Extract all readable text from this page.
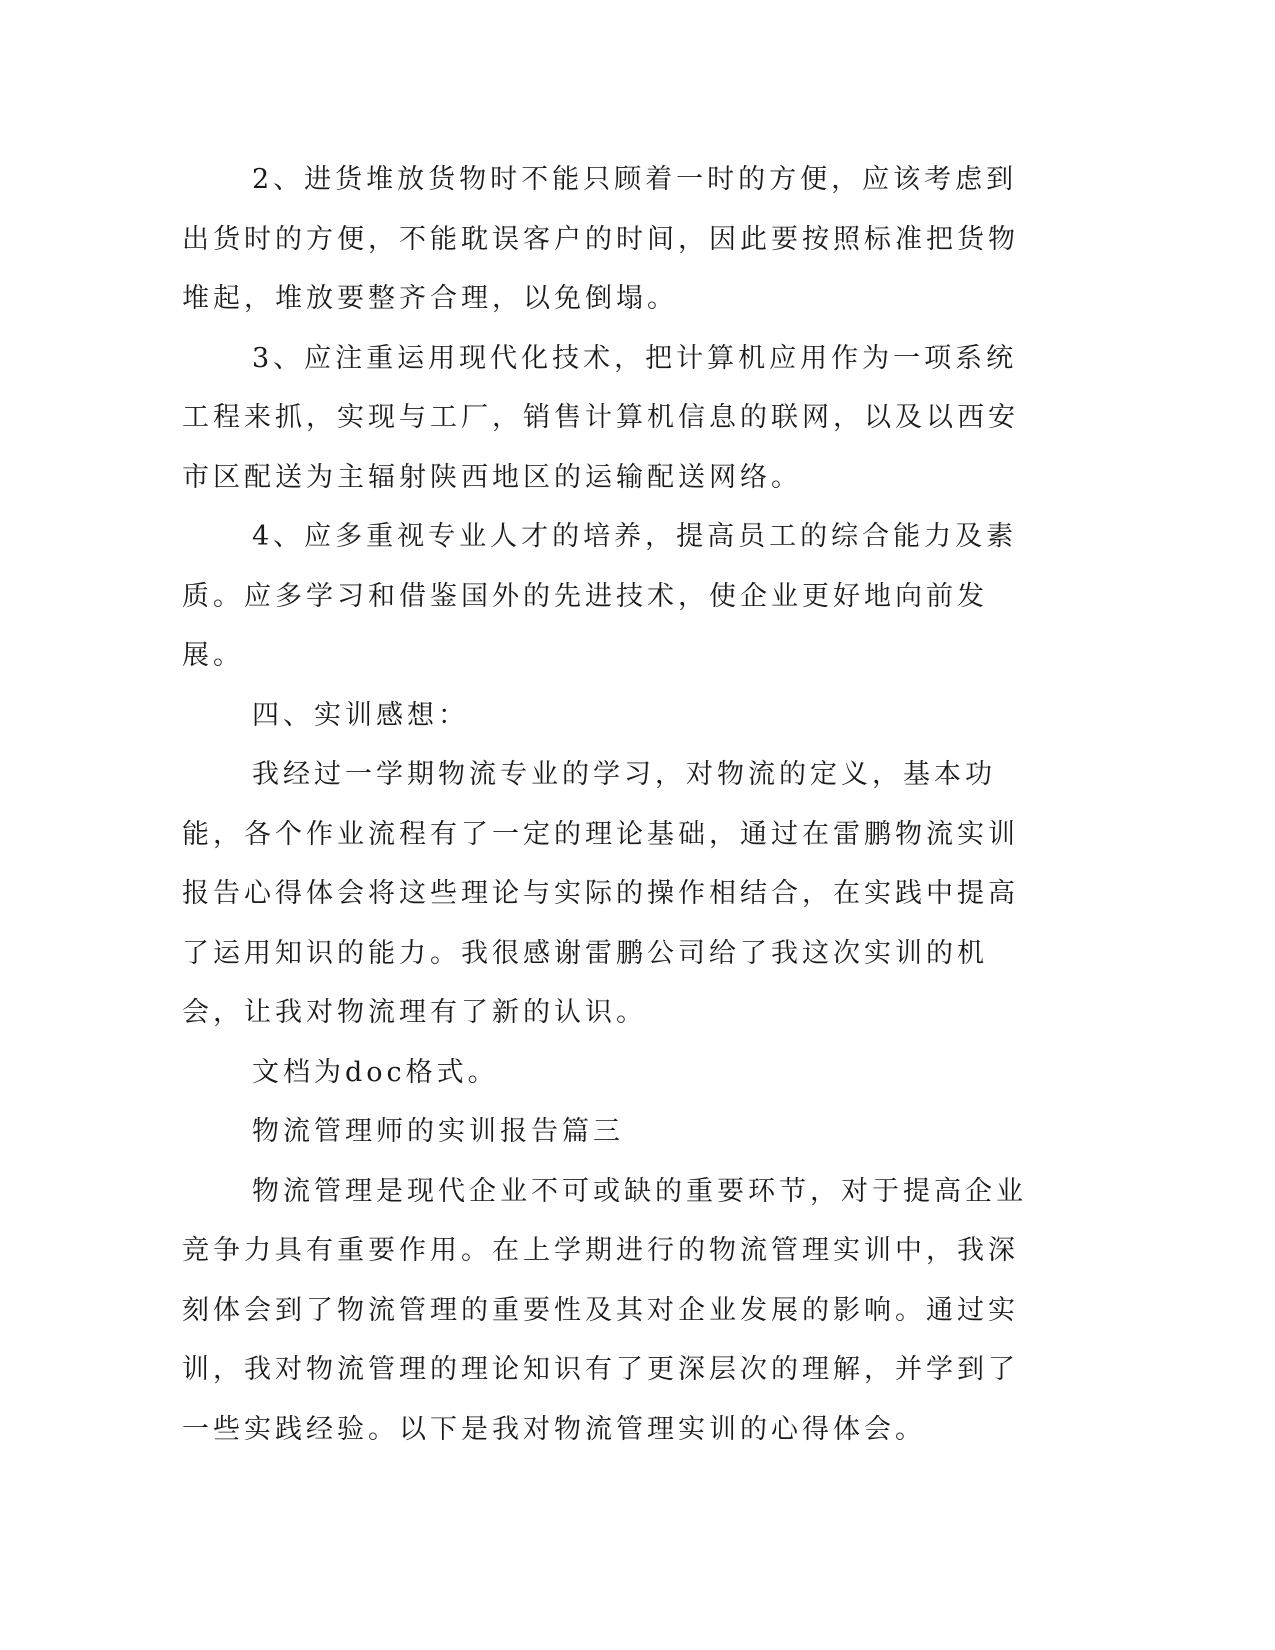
2、进货堆放货物时不能只顾着一时的方便，应该考虑到出货时的方便，不能耽误客户的时间，因此要按照标准把货物堆起，堆放要整齐合理，以免倒塌。

3、应注重运用现代化技术，把计算机应用作为一项系统工程来抓，实现与工厂，销售计算机信息的联网，以及以西安市区配送为主辐射陕西地区的运输配送网络。

4、应多重视专业人才的培养，提高员工的综合能力及素质。应多学习和借鉴国外的先进技术，使企业更好地向前发展。

四、实训感想：

我经过一学期物流专业的学习，对物流的定义，基本功能，各个作业流程有了一定的理论基础，通过在雷鹏物流实训报告心得体会将这些理论与实际的操作相结合，在实践中提高了运用知识的能力。我很感谢雷鹏公司给了我这次实训的机会，让我对物流理有了新的认识。

文档为doc格式。

物流管理师的实训报告篇三

物流管理是现代企业不可或缺的重要环节，对于提高企业竞争力具有重要作用。在上学期进行的物流管理实训中，我深刻体会到了物流管理的重要性及其对企业发展的影响。通过实训，我对物流管理的理论知识有了更深层次的理解，并学到了一些实践经验。以下是我对物流管理实训的心得体会。
